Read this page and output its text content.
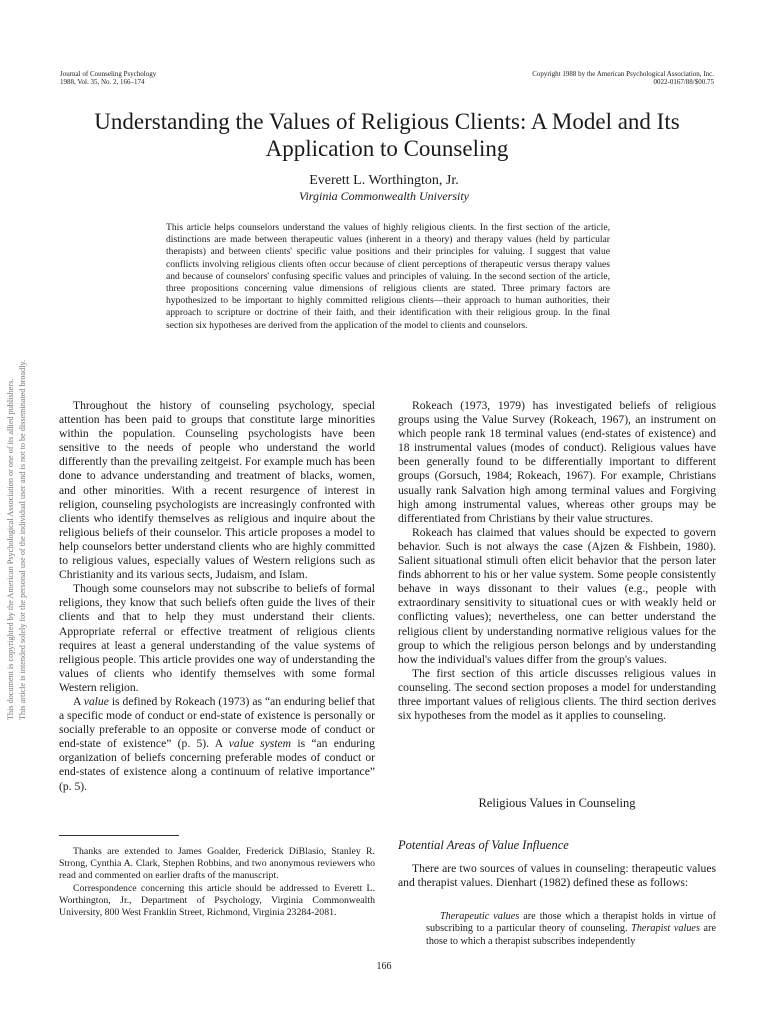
Journal of Counseling Psychology
1988, Vol. 35, No. 2, 166–174
Copyright 1988 by the American Psychological Association, Inc.
0022-0167/88/$00.75
Understanding the Values of Religious Clients: A Model and Its Application to Counseling
Everett L. Worthington, Jr.
Virginia Commonwealth University
This article helps counselors understand the values of highly religious clients. In the first section of the article, distinctions are made between therapeutic values (inherent in a theory) and therapy values (held by particular therapists) and between clients' specific value positions and their principles for valuing. I suggest that value conflicts involving religious clients often occur because of client perceptions of therapeutic versus therapy values and because of counselors' confusing specific values and principles of valuing. In the second section of the article, three propositions concerning value dimensions of religious clients are stated. Three primary factors are hypothesized to be important to highly committed religious clients—their approach to human authorities, their approach to scripture or doctrine of their faith, and their identification with their religious group. In the final section six hypotheses are derived from the application of the model to clients and counselors.
This document is copyrighted by the American Psychological Association or one of its allied publishers. This article is intended solely for the personal use of the individual user and is not to be disseminated broadly.	Throughout the history of counseling psychology, special attention has been paid to groups that constitute large minorities within the population. Counseling psychologists have been sensitive to the needs of people who understand the world differently than the prevailing zeitgeist. For example much has been done to advance understanding and treatment of blacks, women, and other minorities. With a recent resurgence of interest in religion, counseling psychologists are increasingly confronted with clients who identify themselves as religious and inquire about the religious beliefs of their counselor. This article proposes a model to help counselors better understand clients who are highly committed to religious values, especially values of Western religions such as Christianity and its various sects, Judaism, and Islam.

Though some counselors may not subscribe to beliefs of formal religions, they know that such beliefs often guide the lives of their clients and that to help they must understand their clients. Appropriate referral or effective treatment of religious clients requires at least a general understanding of the value systems of religious people. This article provides one way of understanding the values of clients who identify themselves with some formal Western religion.

A value is defined by Rokeach (1973) as “an enduring belief that a specific mode of conduct or end-state of existence is personally or socially preferable to an opposite or converse mode of conduct or end-state of existence” (p. 5). A value system is “an enduring organization of beliefs concerning preferable modes of conduct or end-states of existence along a continuum of relative importance” (p. 5).

Rokeach (1973, 1979) has investigated beliefs of religious groups using the Value Survey (Rokeach, 1967), an instrument on which people rank 18 terminal values (end-states of existence) and 18 instrumental values (modes of conduct). Religious values have been generally found to be differentially important to different groups (Gorsuch, 1984; Rokeach, 1967). For example, Christians usually rank Salvation high among terminal values and Forgiving high among instrumental values, whereas other groups may be differentiated from Christians by their value structures.

Rokeach has claimed that values should be expected to govern behavior. Such is not always the case (Ajzen & Fishbein, 1980). Salient situational stimuli often elicit behavior that the person later finds abhorrent to his or her value system. Some people consistently behave in ways dissonant to their values (e.g., people with extraordinary sensitivity to situational cues or with weakly held or conflicting values); nevertheless, one can better understand the religious client by understanding normative religious values for the group to which the religious person belongs and by understanding how the individual's values differ from the group's values.

The first section of this article discusses religious values in counseling. The second section proposes a model for understanding three important values of religious clients. The third section derives six hypotheses from the model as it applies to counseling.

Religious Values in Counseling
Potential Areas of Value Influence

There are two sources of values in counseling: therapeutic values and therapist values. Dienhart (1982) defined these as follows:

Therapeutic values are those which a therapist holds in virtue of subscribing to a particular theory of counseling. Therapist values are those to which a therapist subscribes independently

Thanks are extended to James Goalder, Frederick DiBlasio, Stanley R. Strong, Cynthia A. Clark, Stephen Robbins, and two anonymous reviewers who read and commented on earlier drafts of the manuscript.

Correspondence concerning this article should be addressed to Everett L. Worthington, Jr., Department of Psychology, Virginia Commonwealth University, 800 West Franklin Street, Richmond, Virginia 23284-2081.

166
